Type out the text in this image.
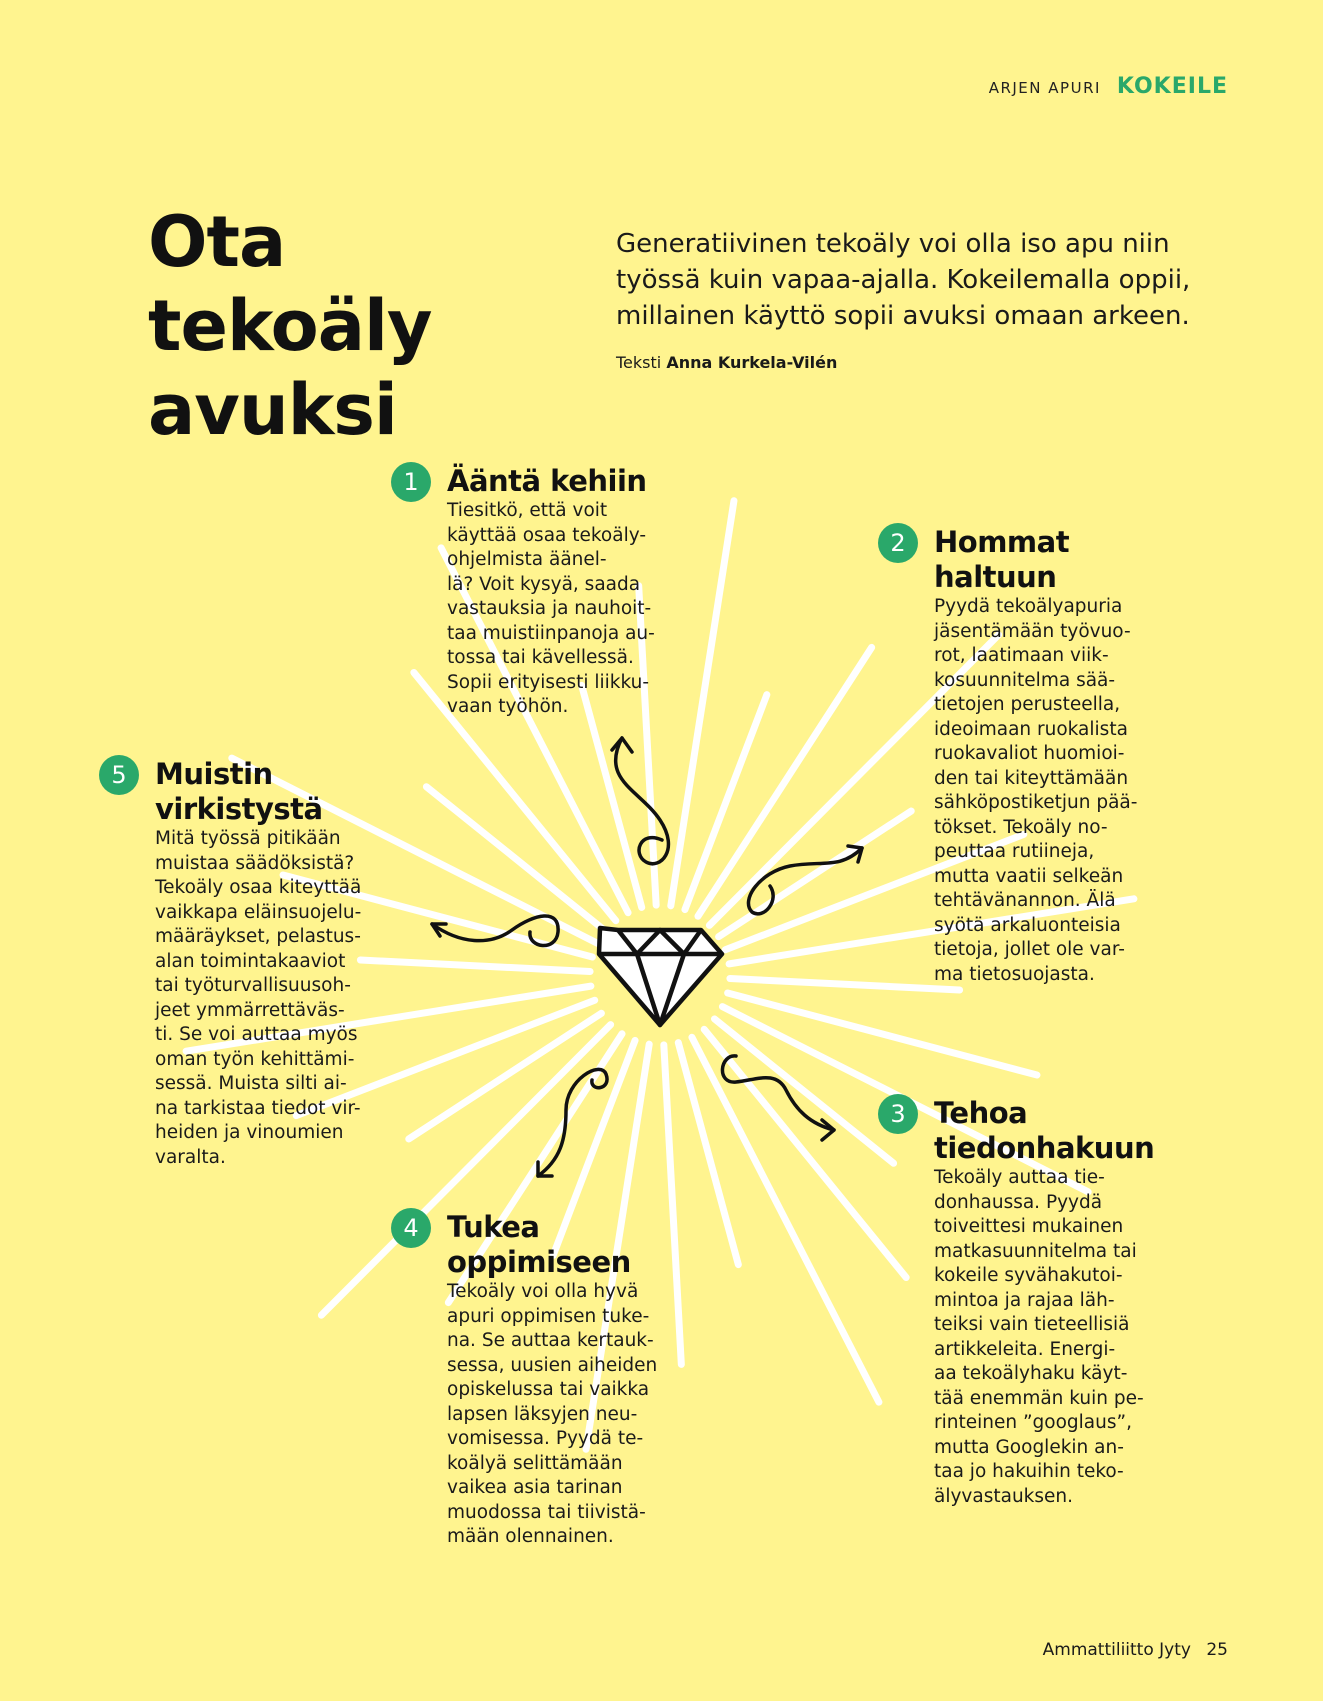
ARJEN APURI KOKEILE
Ota tekoäly avuksi

Generatiivinen tekoäly voi olla iso apu niin työssä kuin vapaa-ajalla. Kokeilemalla oppii, millainen käyttö sopii avuksi omaan arkeen.

Teksti Anna Kurkela-Vilén
1 Ääntä kehiin

Tiesitkö, että voit
käyttää osaa tekoäly-
ohjelmista äänel-
lä? Voit kysyä, saada
vastauksia ja nauhoit-
taa muistiinpanoja au-
tossa tai kävellessä.
Sopii erityisesti liikku-
vaan työhön.

2 Hommat haltuun

Pyydä tekoälyapuria
jäsentämään työvuo-
rot, laatimaan viik-
kosuunnitelma sää-
tietojen perusteella,
ideoimaan ruokalista
ruokavaliot huomioi-
den tai kiteyttämään
sähköpostiketjun pää-
tökset. Tekoäly no-
peuttaa rutiineja,
mutta vaatii selkeän
tehtävänannon. Älä
syötä arkaluonteisia
tietoja, jollet ole var-
ma tietosuojasta.

3 Tehoa tiedonhakuun

Tekoäly auttaa tie-
donhaussa. Pyydä
toiveittesi mukainen
matkasuunnitelma tai
kokeile syvähakutoi-
mintoa ja rajaa läh-
teiksi vain tieteellisiä
artikkeleita. Energi-
aa tekoälyhaku käyt-
tää enemmän kuin pe-
rinteinen ”googlaus”,
mutta Googlekin an-
taa jo hakuihin teko-
älyvastauksen.

4 Tukea oppimiseen

Tekoäly voi olla hyvä
apuri oppimisen tuke-
na. Se auttaa kertauk-
sessa, uusien aiheiden
opiskelussa tai vaikka
lapsen läksyjen neu-
vomisessa. Pyydä te-
koälyä selittämään
vaikea asia tarinan
muodossa tai tiivistä-
mään olennainen.

5 Muistin virkistystä

Mitä työssä pitikään
muistaa säädöksistä?
Tekoäly osaa kiteyttää
vaikkapa eläinsuojelu-
määräykset, pelastus-
alan toimintakaaviot
tai työturvallisuusoh-
jeet ymmärrettäväs-
ti. Se voi auttaa myös
oman työn kehittämi-
sessä. Muista silti ai-
na tarkistaa tiedot vir-
heiden ja vinoumien
varalta.

Ammattiliitto Jyty 25
